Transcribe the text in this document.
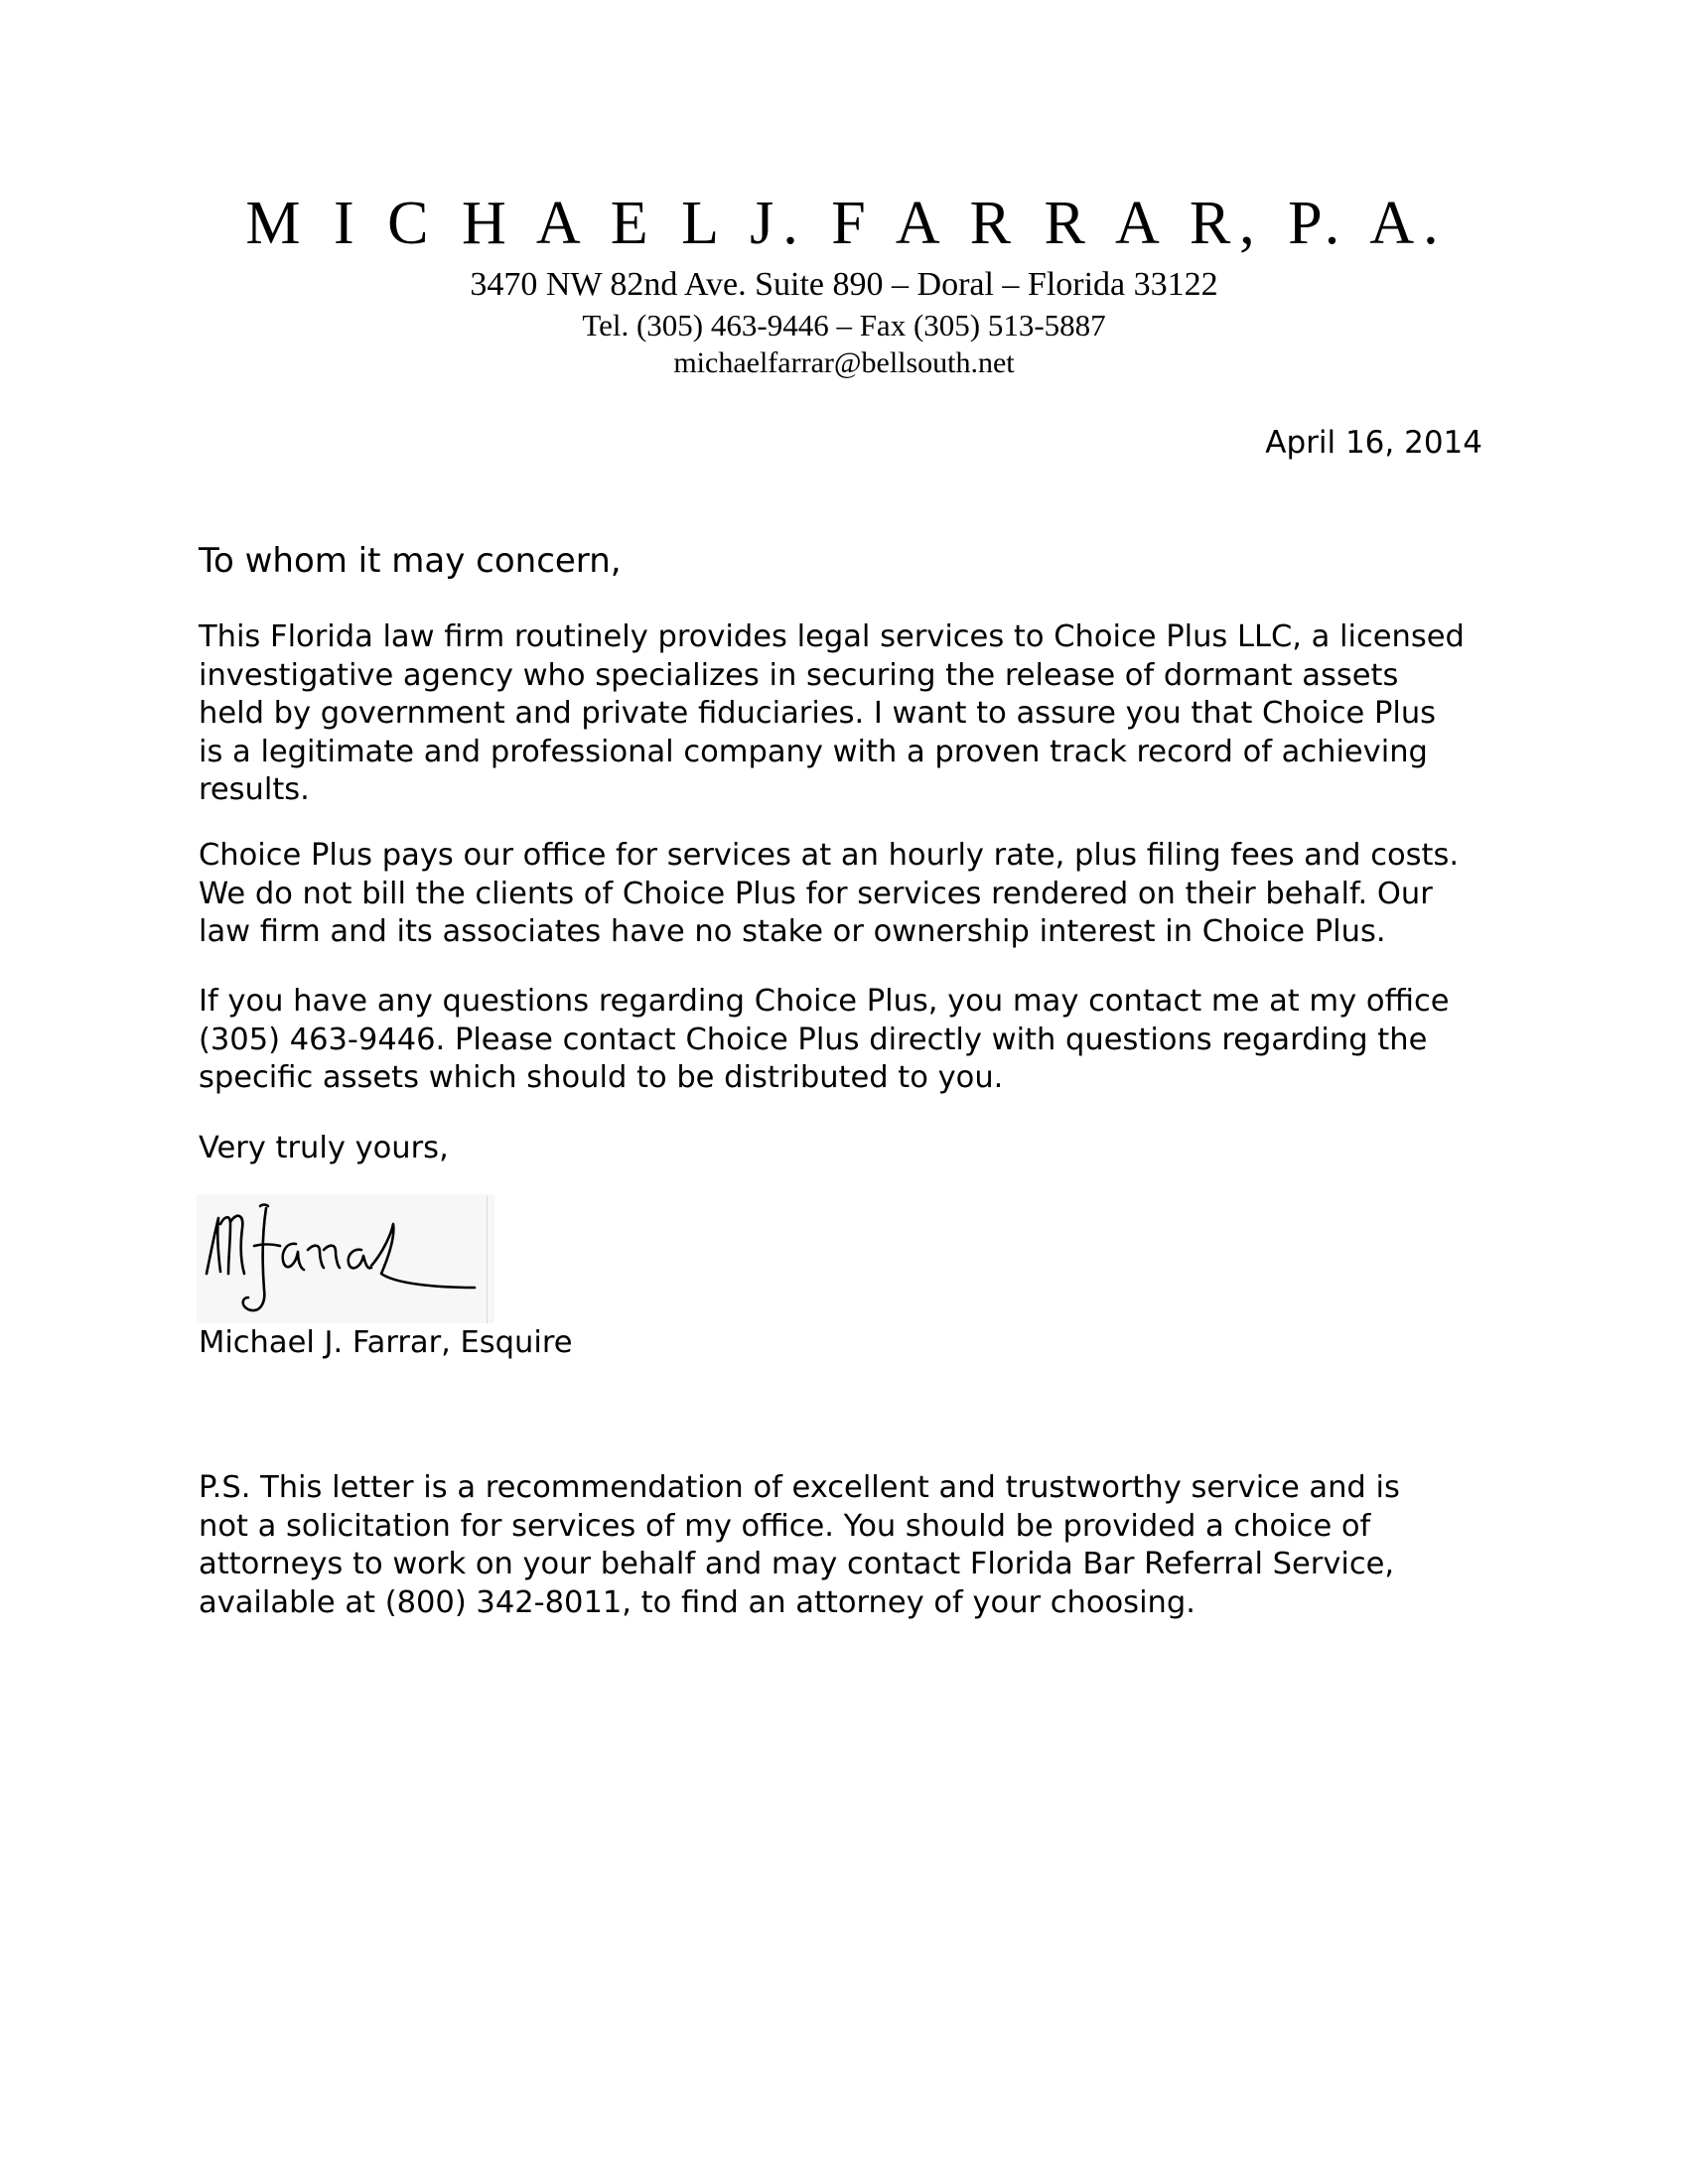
M I C H A E L J. F A R R A R, P. A.
3470 NW 82nd Ave. Suite 890 – Doral – Florida 33122
Tel. (305) 463-9446 – Fax (305) 513-5887
michaelfarrar@bellsouth.net
April 16, 2014

To whom it may concern,

This Florida law firm routinely provides legal services to Choice Plus LLC, a licensed
investigative agency who specializes in securing the release of dormant assets
held by government and private fiduciaries. I want to assure you that Choice Plus
is a legitimate and professional company with a proven track record of achieving
results.

Choice Plus pays our office for services at an hourly rate, plus filing fees and costs.
We do not bill the clients of Choice Plus for services rendered on their behalf. Our
law firm and its associates have no stake or ownership interest in Choice Plus.

If you have any questions regarding Choice Plus, you may contact me at my office
(305) 463-9446. Please contact Choice Plus directly with questions regarding the
specific assets which should to be distributed to you.

Very truly yours,

Michael J. Farrar, Esquire

P.S. This letter is a recommendation of excellent and trustworthy service and is
not a solicitation for services of my office. You should be provided a choice of
attorneys to work on your behalf and may contact Florida Bar Referral Service,
available at (800) 342-8011, to find an attorney of your choosing.
